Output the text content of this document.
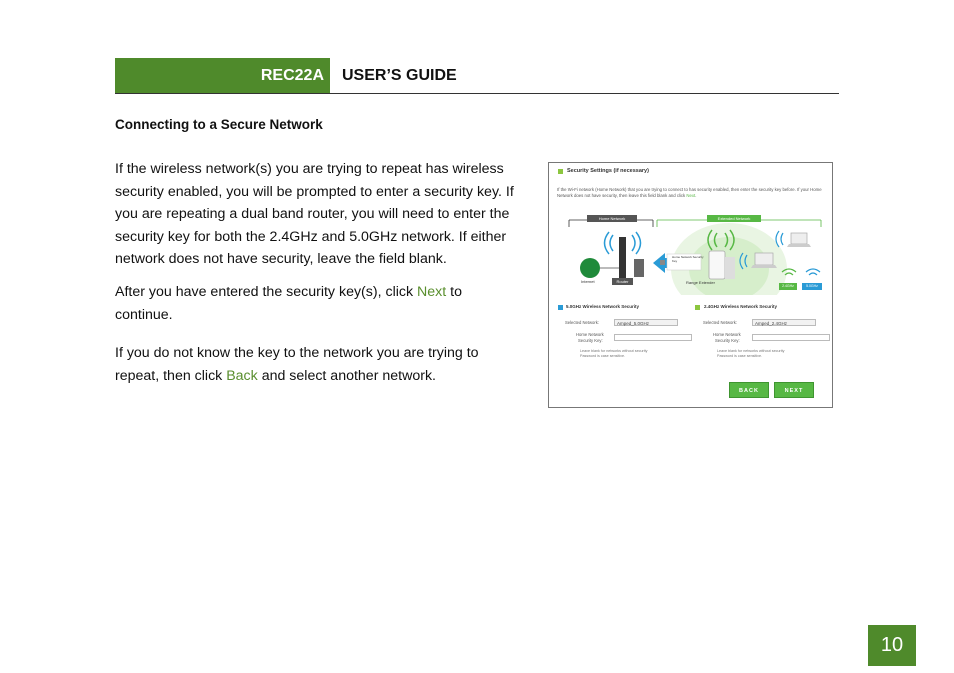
REC22A USER’S GUIDE
Connecting to a Secure Network
If the wireless network(s) you are trying to repeat has wireless security enabled, you will be prompted to enter a security key. If you are repeating a dual band router, you will need to enter the security key for both the 2.4GHz and 5.0GHz network. If either network does not have security, leave the field blank.
After you have entered the security key(s), click Next to continue.
If you do not know the key to the network you are trying to repeat, then click Back and select another network.
Security Settings (if necessary)
If the Wi-Fi network (Home Network) that you are trying to connect to has security enabled, then enter the security key before. If your Home Network does not have security, then leave this field blank and click Next.
Home Network	Extended Network
Internet	Router	Range Extender
Home Network Security Key
2.4GHz	5.0GHz
5.0GHz Wireless Network Security
Selected Network:	Amped_5.0GHz
Home Network
Security Key:
Leave blank for networks without security
Password is case sensitive.
2.4GHz Wireless Network Security
Selected Network:	Amped_2.4GHz
Home Network
Security Key:
Leave blank for networks without security
Password is case sensitive.
BACK	NEXT
10
